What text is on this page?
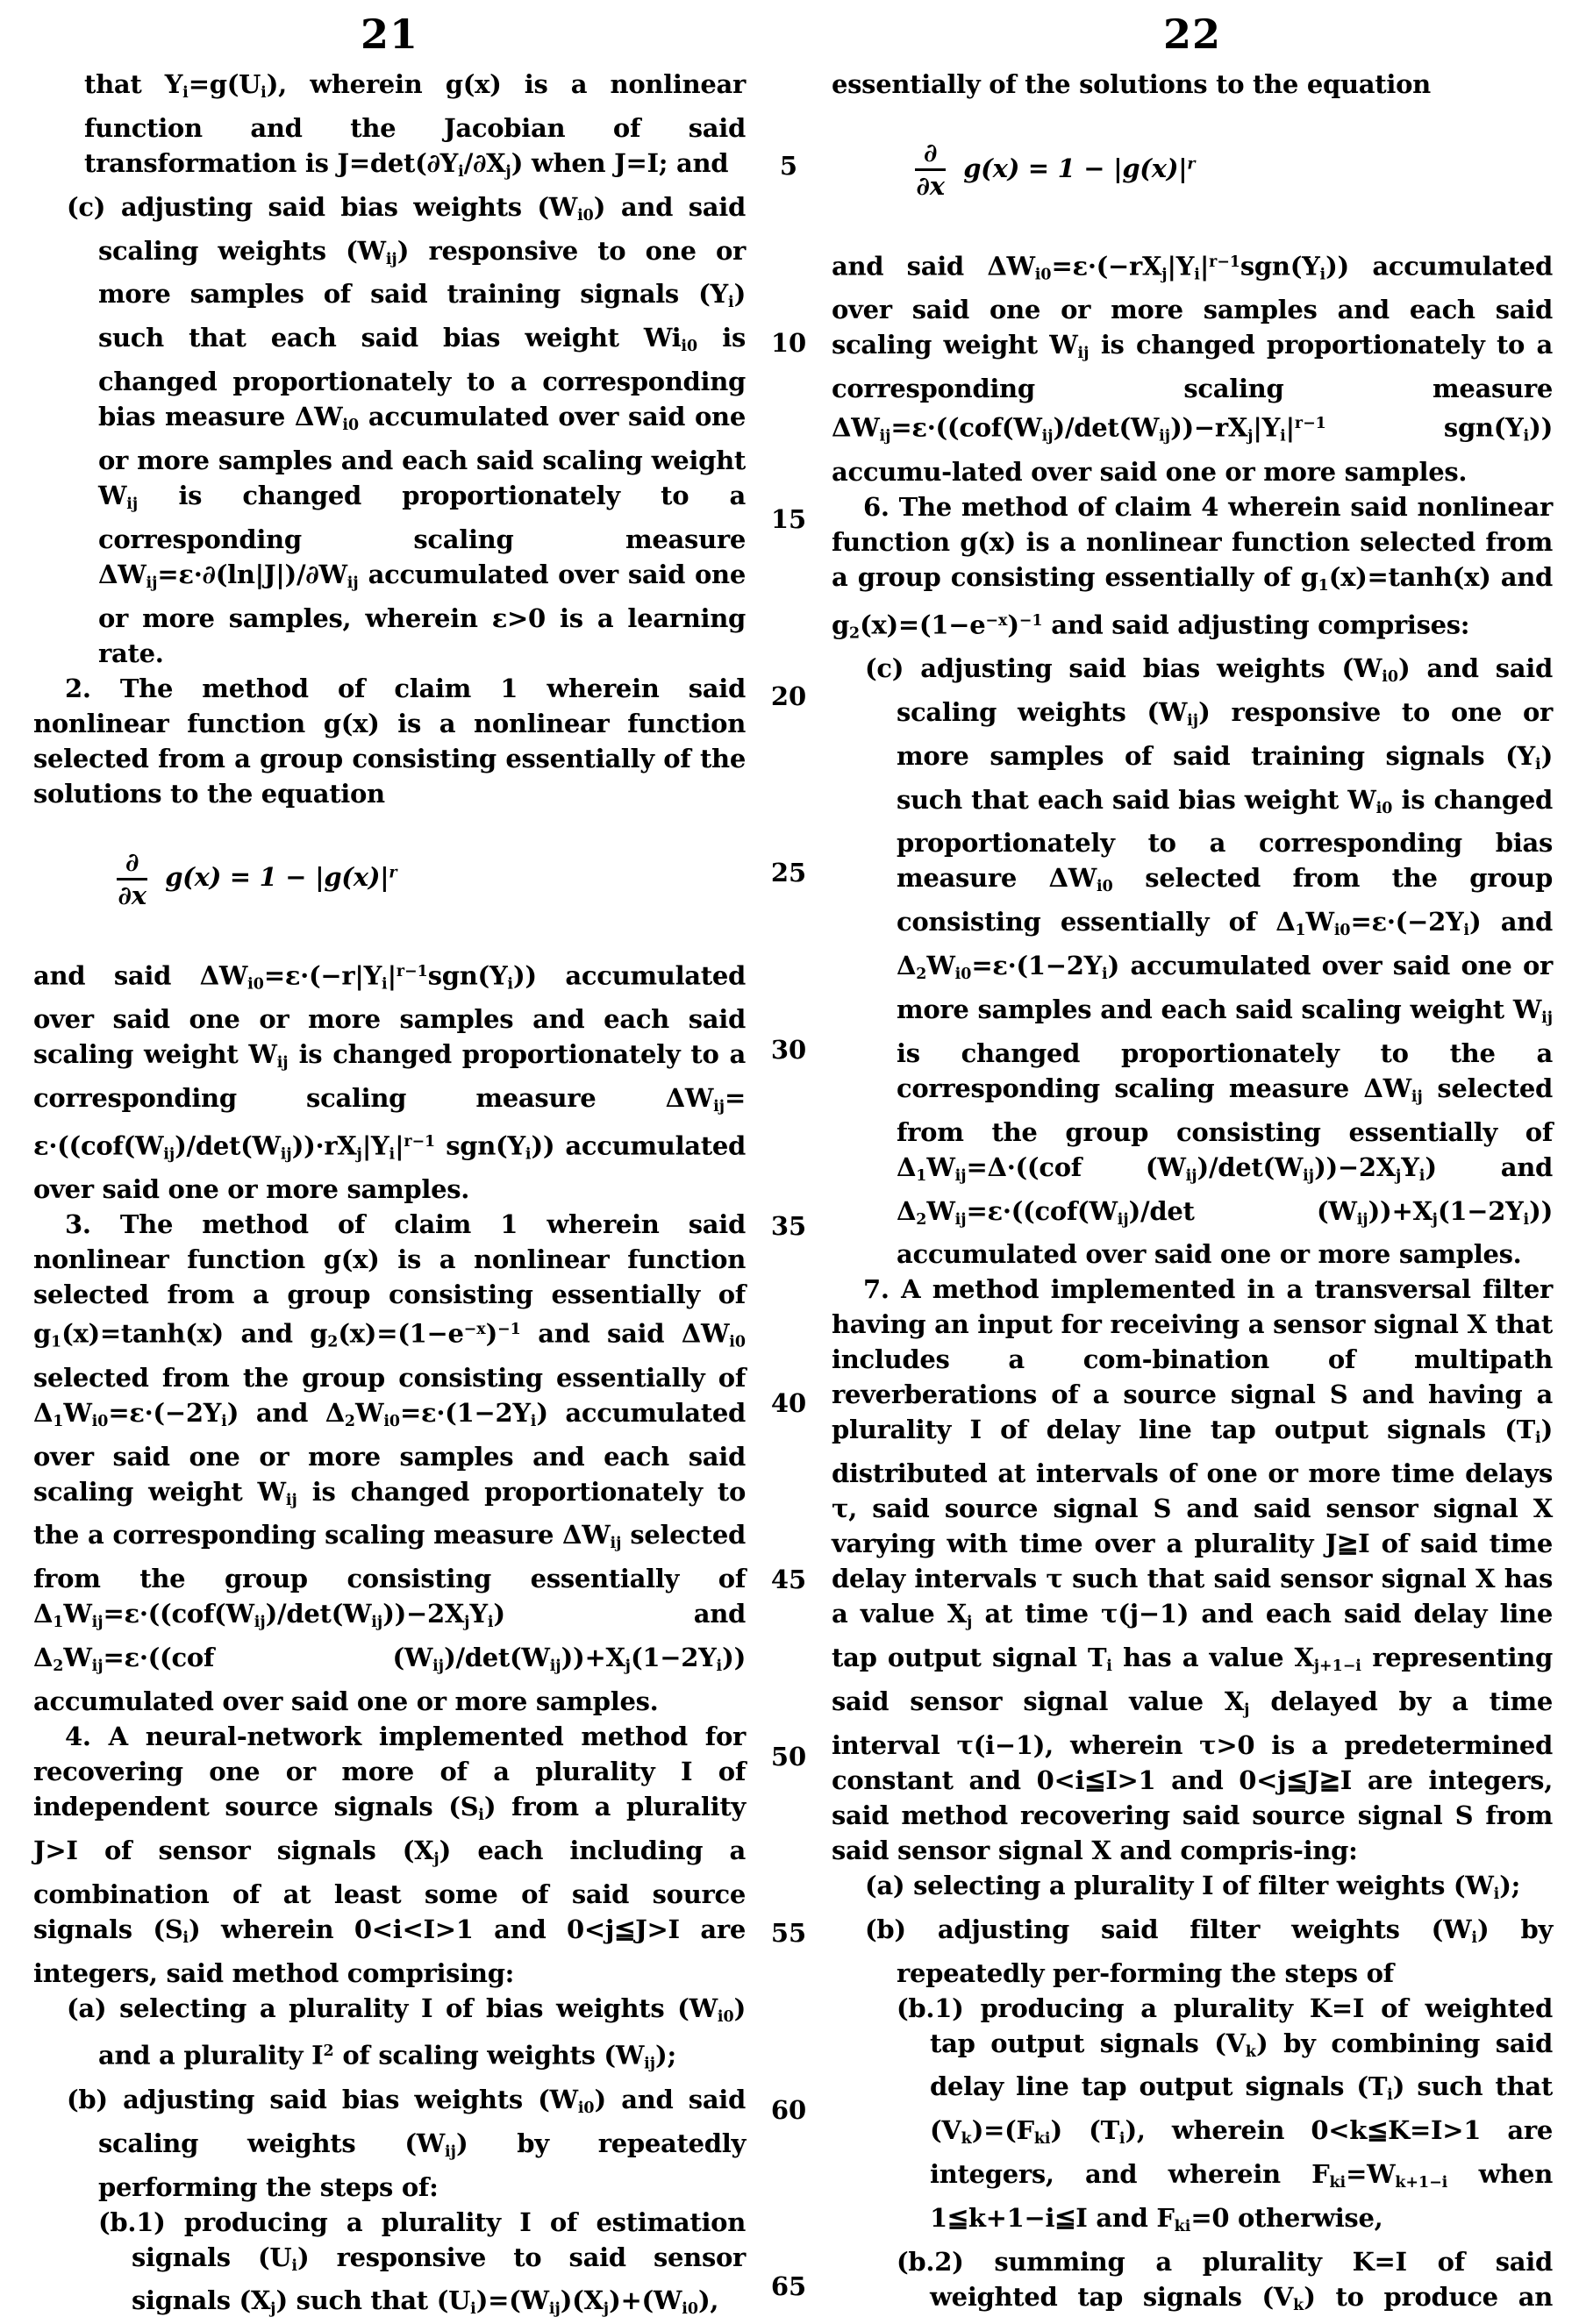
21

that $Y_i=g(U_i)$, wherein g(x) is a nonlinear function and the Jacobian of said transformation is $J=\det(\partial Y_i/\partial X_j)$ when J=I; and

(c) adjusting said bias weights $(W_{i0})$ and said scaling weights $(W_{ij})$ responsive to one or more samples of said training signals $(Y_i)$ such that each said bias weight $Wi_{i0}$ is changed proportionately to a corresponding bias measure $\Delta W_{i0}$ accumulated over said one or more samples and each said scaling weight $W_{ij}$ is changed proportionately to a corresponding scaling measure $\Delta W_{ij}=\varepsilon\cdot\partial(\ln|J|)/\partial W_{ij}$ accumulated over said one or more samples, wherein ε>0 is a learning rate.

2. The method of claim 1 wherein said nonlinear function g(x) is a nonlinear function selected from a group consisting essentially of the solutions to the equation

$\frac{\partial}{\partial x} g(x) = 1 - |g(x)|^r$

and said $\Delta W_{i0}=\varepsilon\cdot(-r|Y_i|^{r-1}sgn(Y_i))$ accumulated over said one or more samples and each said scaling weight $W_{ij}$ is changed proportionately to a corresponding scaling measure $\Delta W_{ij}= \varepsilon\cdot((cof(W_{ij})/\det(W_{ij}))\cdot rX_j|Y_i|^{r-1}$ $sgn(Y_i)$) accumulated over said one or more samples.

3. The method of claim 1 wherein said nonlinear function g(x) is a nonlinear function selected from a group consisting essentially of $g_1(x)=\tanh(x)$ and $g_2(x)=(1-e^{-x})^{-1}$ and said $\Delta W_{i0}$ selected from the group consisting essentially of $\Delta_1W_{i0}=\varepsilon\cdot(-2Y_i)$ and $\Delta_2W_{i0}=\varepsilon\cdot(1-2Y_i)$ accumulated over said one or more samples and each said scaling weight $W_{ij}$ is changed proportionately to the a corresponding scaling measure $\Delta W_{ij}$ selected from the group consisting essentially of $\Delta_1W_{ij}=\varepsilon\cdot((cof(W_{ij})/\det(W_{ij}))-2X_jY_i)$ and $\Delta_2W_{ij}=\varepsilon\cdot((cof$ $(W_{ij})/\det(W_{ij}))+X_j(1-2Y_i)$) accumulated over said one or more samples.

4. A neural-network implemented method for recovering one or more of a plurality I of independent source signals $(S_i)$ from a plurality J>I of sensor signals $(X_j)$ each including a combination of at least some of said source signals $(S_i)$ wherein 0<i<I>1 and 0<j≦J>I are integers, said method comprising:

(a) selecting a plurality I of bias weights $(W_{i0})$ and a plurality $I^2$ of scaling weights $(W_{ij})$;

(b) adjusting said bias weights $(W_{i0})$ and said scaling weights $(W_{ij})$ by repeatedly performing the steps of:

(b.1) producing a plurality I of estimation signals $(U_i)$ responsive to said sensor signals $(X_j)$ such that $(U_i)=(W_{ij})(X_j)+(W_{i0})$,

5
10
15
20
25
30
35
40
45
50
55
60
65
22

essentially of the solutions to the equation

$\frac{\partial}{\partial x} g(x) = 1 - |g(x)|^r$

and said $\Delta W_{i0}=\varepsilon\cdot(-rX_j|Y_i|^{r-1}sgn(Y_i))$ accumulated over said one or more samples and each said scaling weight $W_{ij}$ is changed proportionately to a corresponding scaling measure $\Delta W_{ij}=\varepsilon\cdot((cof(W_{ij})/\det(W_{ij}))-rX_j|Y_i|^{r-1}$ $sgn(Y_i)$) accumu-lated over said one or more samples.

6. The method of claim 4 wherein said nonlinear function g(x) is a nonlinear function selected from a group consisting essentially of $g_1(x)=\tanh(x)$ and $g_2(x)=(1-e^{-x})^{-1}$ and said adjusting comprises:

(c) adjusting said bias weights $(W_{i0})$ and said scaling weights $(W_{ij})$ responsive to one or more samples of said training signals $(Y_i)$ such that each said bias weight $W_{i0}$ is changed proportionately to a corresponding bias measure $\Delta W_{i0}$ selected from the group consisting essentially of $\Delta_1W_{i0}=\varepsilon\cdot(-2Y_i)$ and $\Delta_2W_{i0}=\varepsilon\cdot(1-2Y_i)$ accumulated over said one or more samples and each said scaling weight $W_{ij}$ is changed proportionately to the a corresponding scaling measure $\Delta W_{ij}$ selected from the group consisting essentially of $\Delta_1W_{ij}=\Delta\cdot((cof$ $(W_{ij})/\det(W_{ij}))-2X_jY_i$) and $\Delta_2W_{ij}=\varepsilon\cdot((cof(W_{ij})/\det$ $(W_{ij}))+X_j(1-2Y_i)$) accumulated over said one or more samples.

7. A method implemented in a transversal filter having an input for receiving a sensor signal X that includes a com-bination of multipath reverberations of a source signal S and having a plurality I of delay line tap output signals $(T_i)$ distributed at intervals of one or more time delays τ, said source signal S and said sensor signal X varying with time over a plurality J≧I of said time delay intervals τ such that said sensor signal X has a value $X_j$ at time τ(j−1) and each said delay line tap output signal $T_i$ has a value $X_{j+1-i}$ representing said sensor signal value $X_j$ delayed by a time interval τ(i−1), wherein τ>0 is a predetermined constant and 0<i≦I>1 and 0<j≦J≧I are integers, said method recovering said source signal S from said sensor signal X and compris-ing:

(a) selecting a plurality I of filter weights $(W_i)$;

(b) adjusting said filter weights $(W_i)$ by repeatedly per-forming the steps of

(b.1) producing a plurality K=I of weighted tap output signals $(V_k)$ by combining said delay line tap output signals $(T_i)$ such that $(V_k)=(F_{ki})$ $(T_i)$, wherein 0<k≦K=I>1 are integers, and wherein $F_{ki}=W_{k+1-i}$ when 1≦k+1−i≦I and $F_{ki}=0$ otherwise,

(b.2) summing a plurality K=I of said weighted tap signals $(V_k)$ to produce an
